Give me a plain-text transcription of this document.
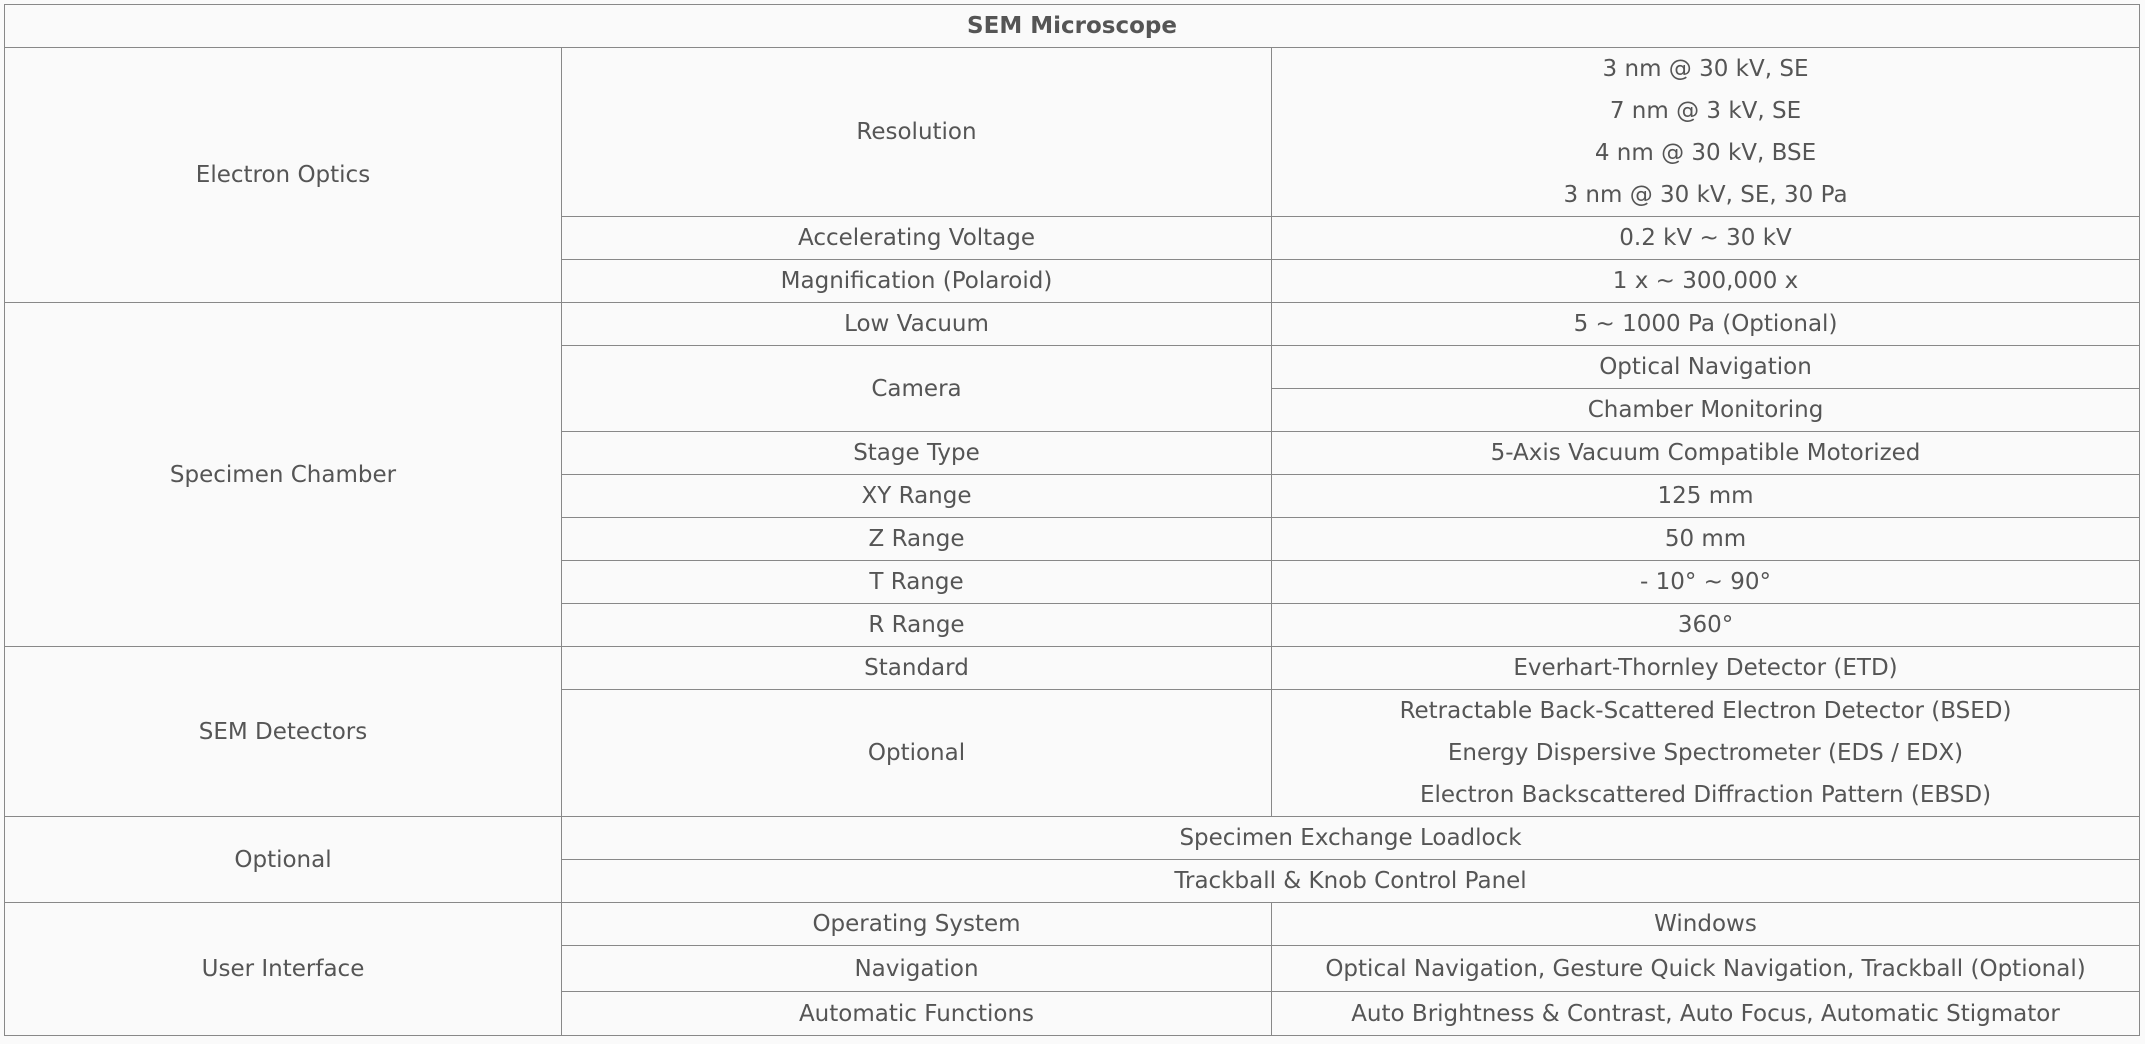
SEM Microscope		
Electron Optics	Resolution	3 nm @ 30 kV, SE
7 nm @ 3 kV, SE
4 nm @ 30 kV, BSE
3 nm @ 30 kV, SE, 30 Pa

	Accelerating Voltage	0.2 kV ~ 30 kV
	Magnification (Polaroid)	1 x ~ 300,000 x
Specimen Chamber	Low Vacuum	5 ~ 1000 Pa (Optional)
	Camera	Optical Navigation
		Chamber Monitoring
	Stage Type	5-Axis Vacuum Compatible Motorized
	XY Range	125 mm
	Z Range	50 mm
	T Range	- 10° ~ 90°
	R Range	360°
SEM Detectors	Standard	Everhart-Thornley Detector (ETD)
	Optional	Retractable Back-Scattered Electron Detector (BSED)
Energy Dispersive Spectrometer (EDS / EDX)
Electron Backscattered Diffraction Pattern (EBSD)

Optional	Specimen Exchange Loadlock	
	Trackball & Knob Control Panel	
User Interface	Operating System	Windows
	Navigation	Optical Navigation, Gesture Quick Navigation, Trackball (Optional)
	Automatic Functions	Auto Brightness & Contrast, Auto Focus, Automatic Stigmator
